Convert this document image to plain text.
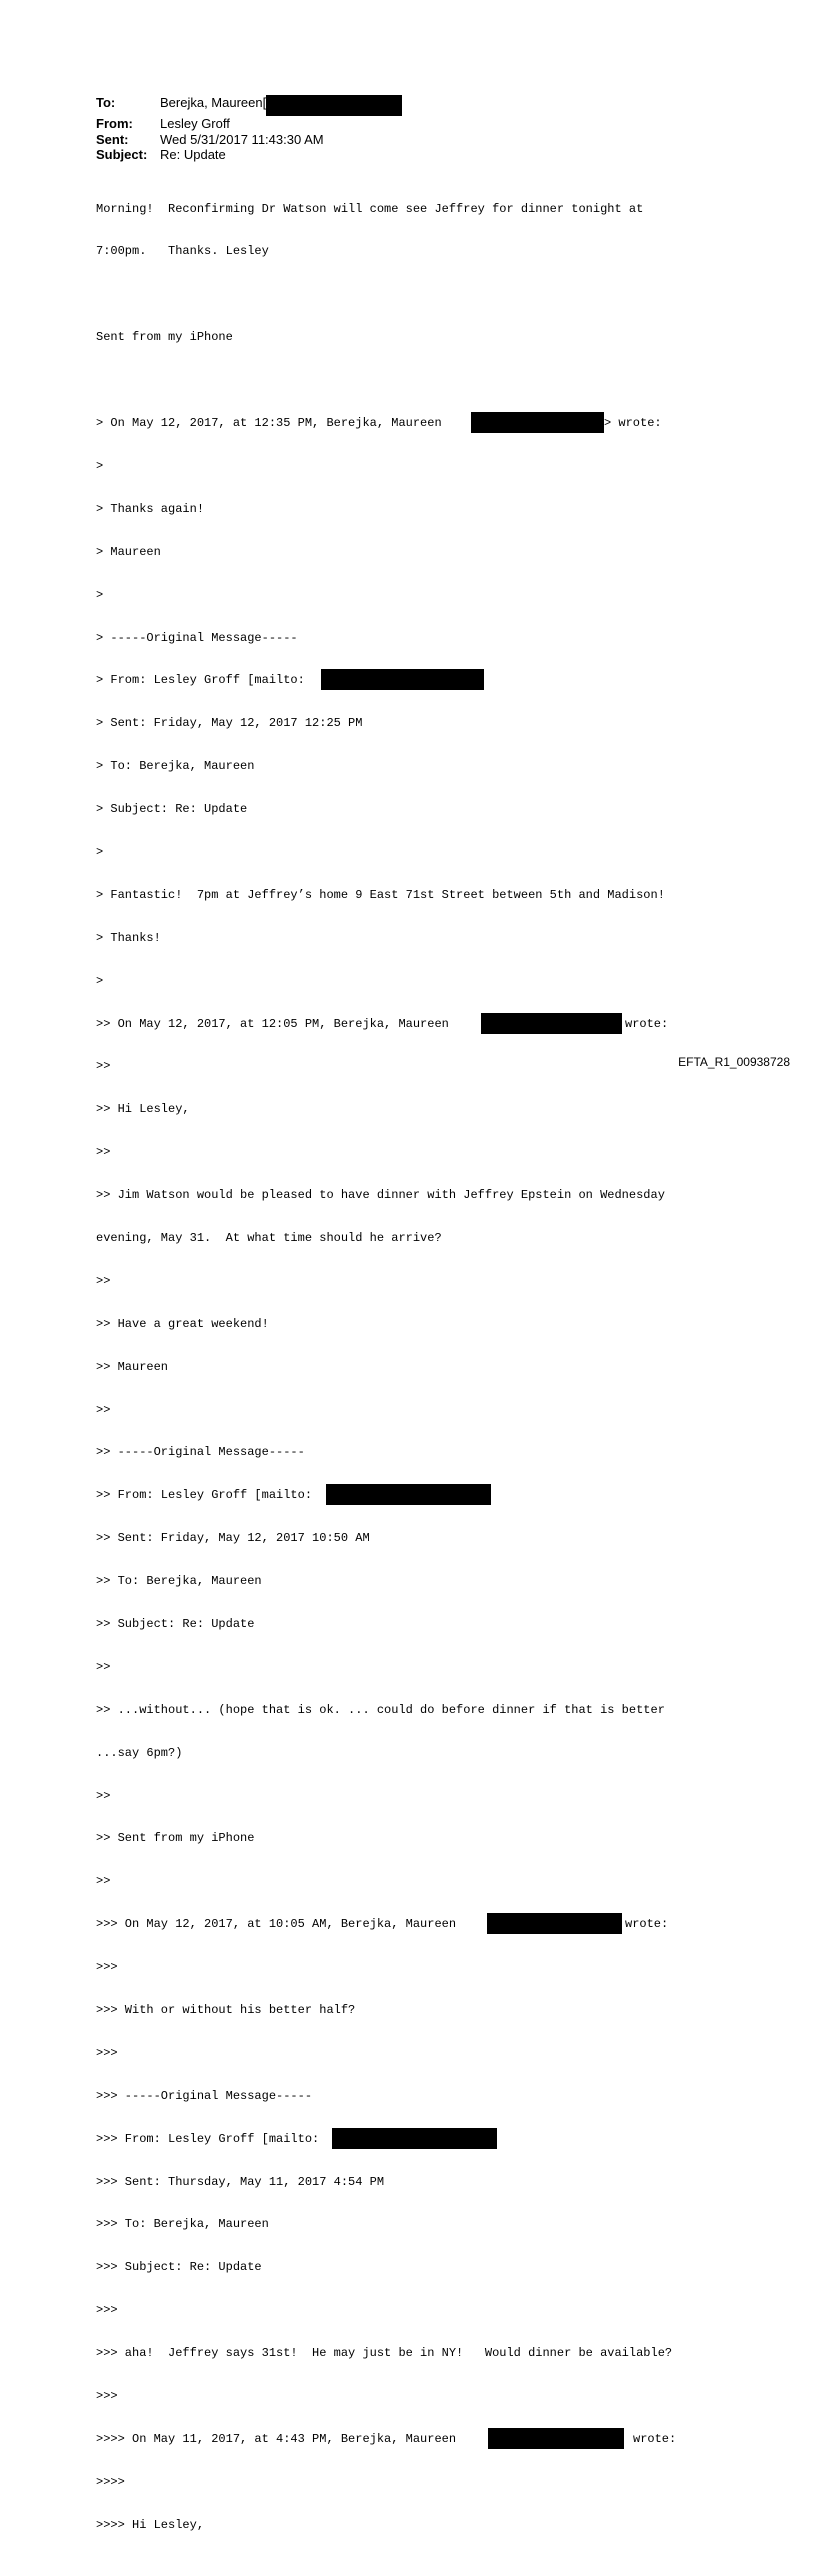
To:	Berejka, Maureen[
From:	Lesley Groff
Sent:	Wed 5/31/2017 11:43:30 AM
Subject: Re: Update

Morning!  Reconfirming Dr Watson will come see Jeffrey for dinner tonight at

7:00pm.   Thanks. Lesley

Sent from my iPhone

> On May 12, 2017, at 12:35 PM, Berejka, Maureen	> wrote:

>

> Thanks again!

> Maureen

>

> -----Original Message-----

> From: Lesley Groff [mailto:

> Sent: Friday, May 12, 2017 12:25 PM

> To: Berejka, Maureen

> Subject: Re: Update

>

> Fantastic!  7pm at Jeffrey’s home 9 East 71st Street between 5th and Madison!

> Thanks!

>

>> On May 12, 2017, at 12:05 PM, Berejka, Maureen	wrote:

>>

>> Hi Lesley,

>>

>> Jim Watson would be pleased to have dinner with Jeffrey Epstein on Wednesday

evening, May 31.  At what time should he arrive?

>>

>> Have a great weekend!

>> Maureen

>>

>> -----Original Message-----

>> From: Lesley Groff [mailto:

>> Sent: Friday, May 12, 2017 10:50 AM

>> To: Berejka, Maureen

>> Subject: Re: Update

>>

>> ...without... (hope that is ok. ... could do before dinner if that is better

...say 6pm?)

>>

>> Sent from my iPhone

>>

>>> On May 12, 2017, at 10:05 AM, Berejka, Maureen	wrote:

>>>

>>> With or without his better half?

>>>

>>> -----Original Message-----

>>> From: Lesley Groff [mailto:

>>> Sent: Thursday, May 11, 2017 4:54 PM

>>> To: Berejka, Maureen

>>> Subject: Re: Update

>>>

>>> aha!  Jeffrey says 31st!  He may just be in NY!   Would dinner be available?

>>>

>>>> On May 11, 2017, at 4:43 PM, Berejka, Maureen	wrote:

>>>>

>>>> Hi Lesley,

EFTA_R1_00938728
